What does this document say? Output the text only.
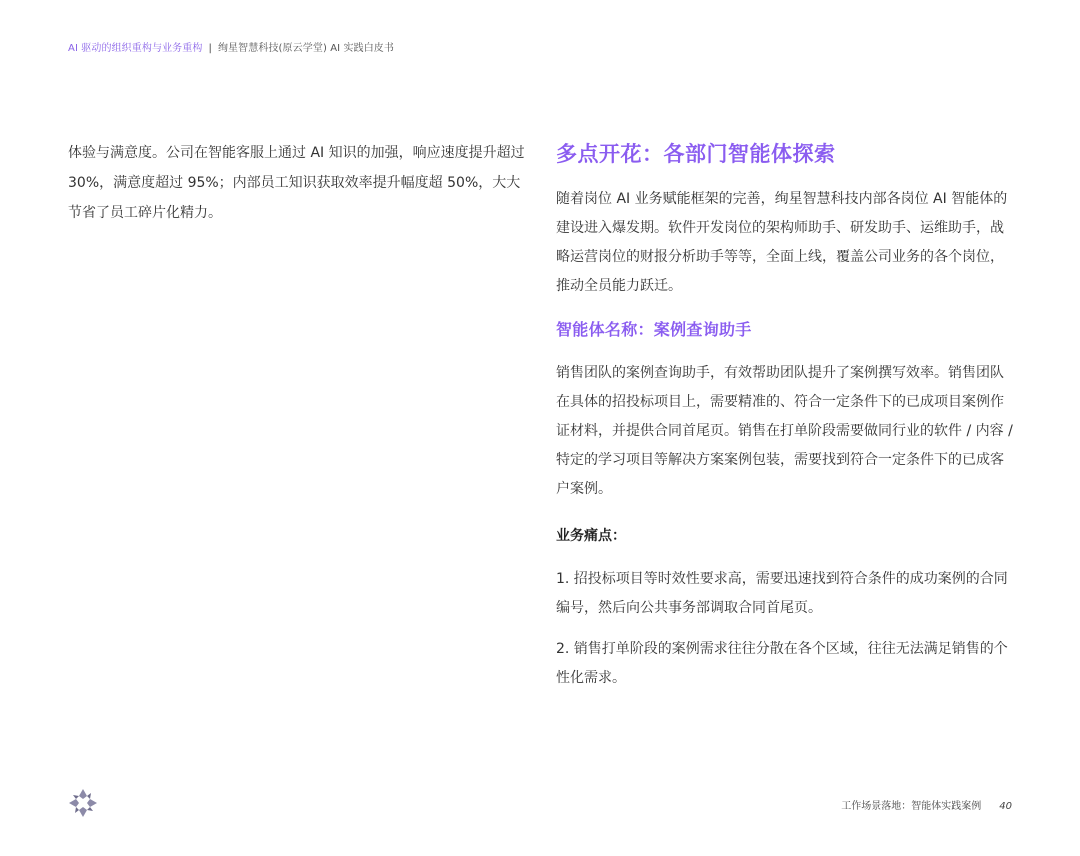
AI 驱动的组织重构与业务重构 | 绚星智慧科技(原云学堂) AI 实践白皮书

体验与满意度。公司在智能客服上通过 AI 知识的加强，响应速度提升超过 30%，满意度超过 95%；内部员工知识获取效率提升幅度超 50%，大大节省了员工碎片化精力。

多点开花：各部门智能体探索

随着岗位 AI 业务赋能框架的完善，绚星智慧科技内部各岗位 AI 智能体的建设进入爆发期。软件开发岗位的架构师助手、研发助手、运维助手，战略运营岗位的财报分析助手等等，全面上线，覆盖公司业务的各个岗位，推动全员能力跃迁。

智能体名称：案例查询助手

销售团队的案例查询助手，有效帮助团队提升了案例撰写效率。销售团队在具体的招投标项目上，需要精准的、符合一定条件下的已成项目案例作证材料，并提供合同首尾页。销售在打单阶段需要做同行业的软件 / 内容 / 特定的学习项目等解决方案案例包装，需要找到符合一定条件下的已成客户案例。

业务痛点：

1. 招投标项目等时效性要求高，需要迅速找到符合条件的成功案例的合同编号，然后向公共事务部调取合同首尾页。

2. 销售打单阶段的案例需求往往分散在各个区域，往往无法满足销售的个性化需求。

工作场景落地：智能体实践案例 40
